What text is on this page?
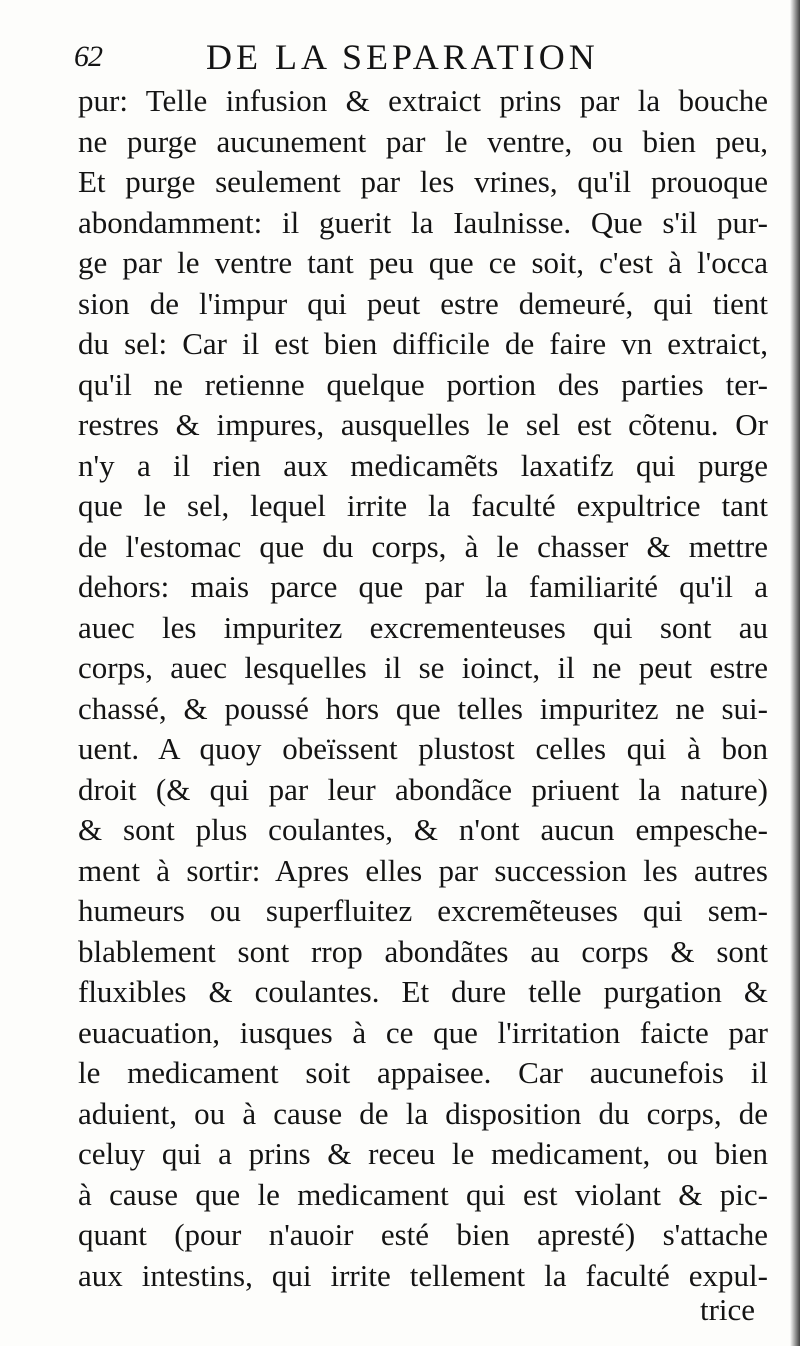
62	DE LA SEPARATION
pur: Telle infusion & extraict prins par la bouche
ne purge aucunement par le ventre, ou bien peu,
Et purge seulement par les vrines, qu'il prouoque
abondamment: il guerit la Iaulnisse. Que s'il pur-
ge par le ventre tant peu que ce soit, c'est à l'occa
sion de l'impur qui peut estre demeuré, qui tient
du sel: Car il est bien difficile de faire vn extraict,
qu'il ne retienne quelque portion des parties ter-
restres & impures, ausquelles le sel est cõtenu. Or
n'y a il rien aux medicamẽts laxatifz qui purge
que le sel, lequel irrite la faculté expultrice tant
de l'estomac que du corps, à le chasser & mettre
dehors: mais parce que par la familiarité qu'il a
auec les impuritez excrementeuses qui sont au
corps, auec lesquelles il se ioinct, il ne peut estre
chassé, & poussé hors que telles impuritez ne sui-
uent. A quoy obeïssent plustost celles qui à bon
droit (& qui par leur abondãce priuent la nature)
& sont plus coulantes, & n'ont aucun empesche-
ment à sortir: Apres elles par succession les autres
humeurs ou superfluitez excremẽteuses qui sem-
blablement sont rrop abondãtes au corps & sont
fluxibles & coulantes. Et dure telle purgation &
euacuation, iusques à ce que l'irritation faicte par
le medicament soit appaisee. Car aucunefois il
aduient, ou à cause de la disposition du corps, de
celuy qui a prins & receu le medicament, ou bien
à cause que le medicament qui est violant & pic-
quant (pour n'auoir esté bien apresté) s'attache
aux intestins, qui irrite tellement la faculté expul-
trice
